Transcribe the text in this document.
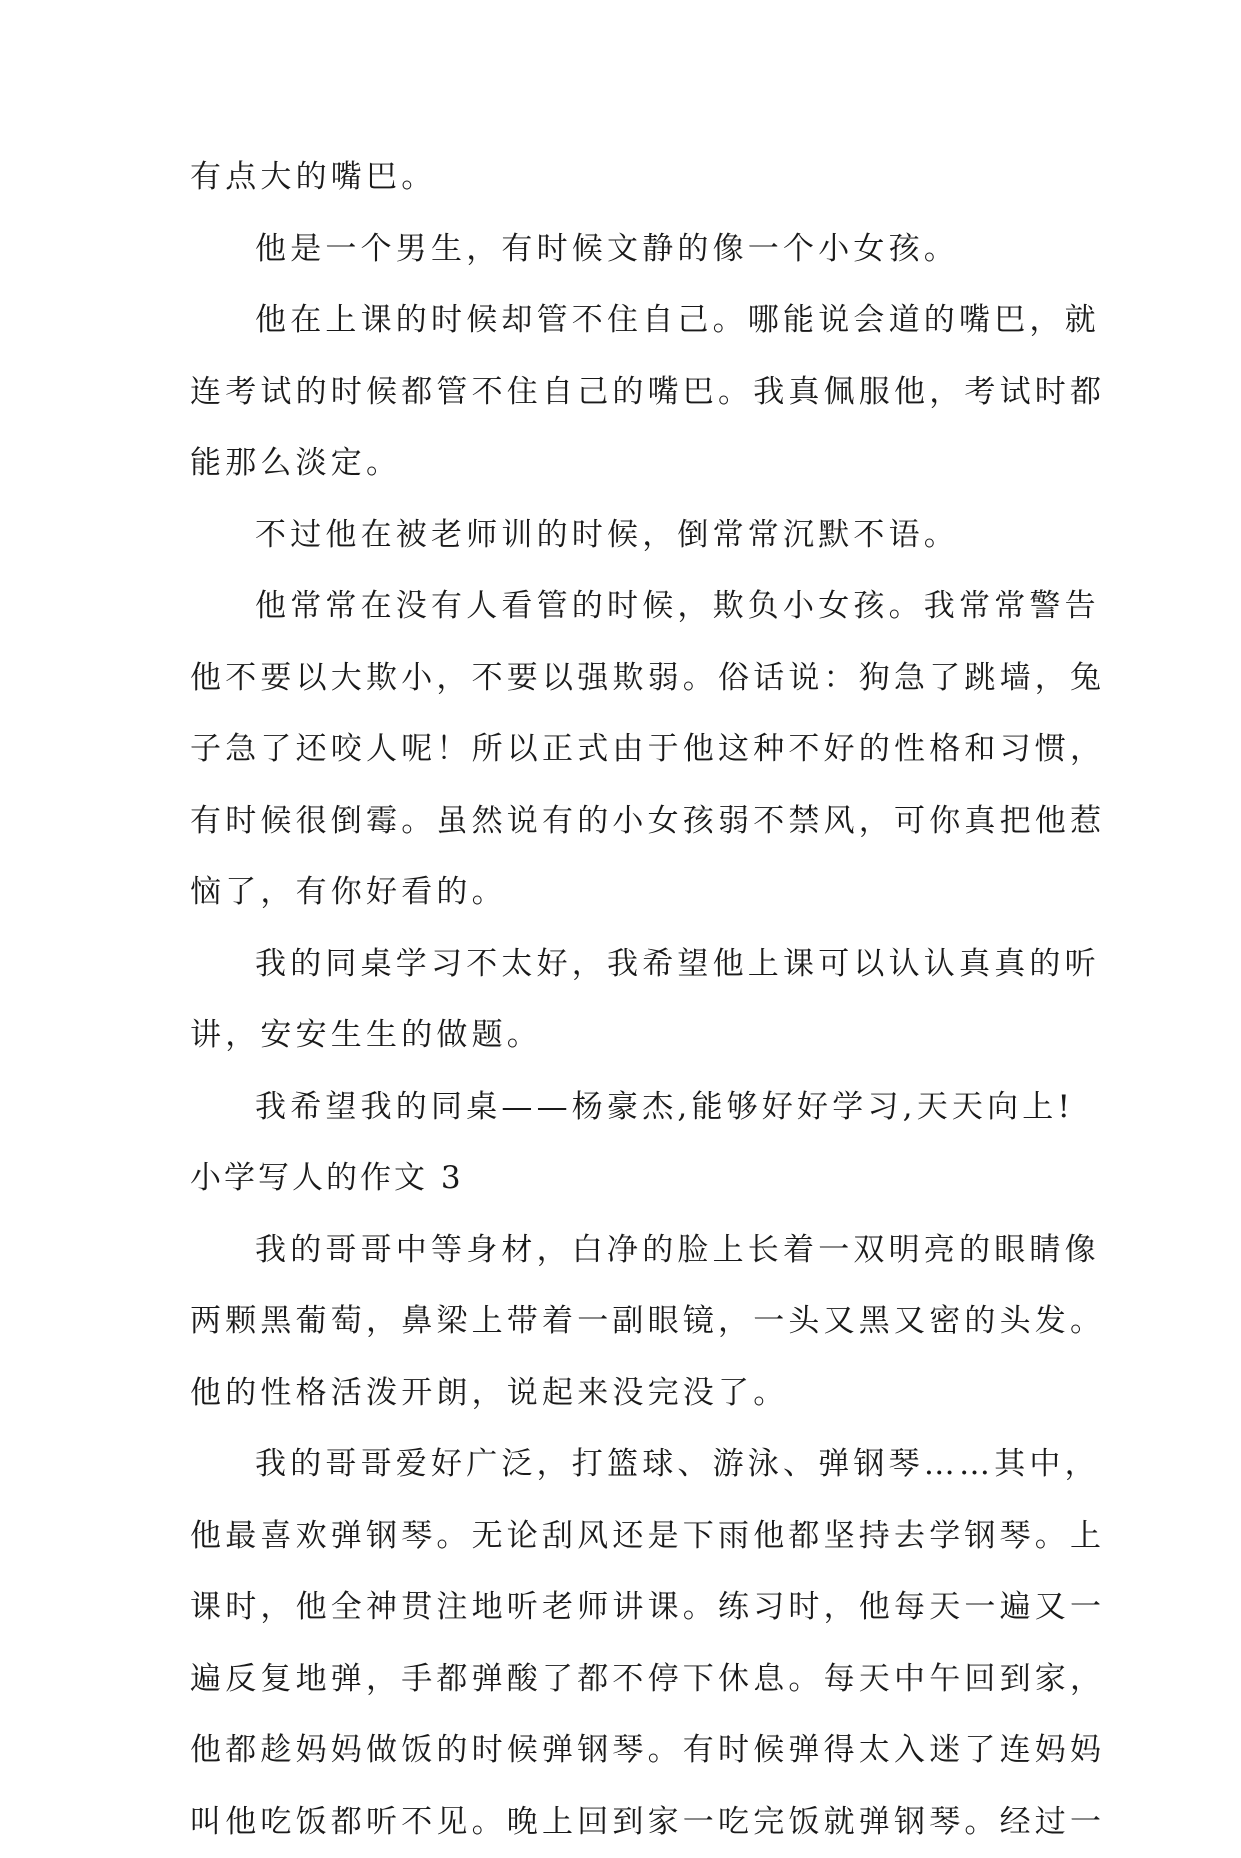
有点大的嘴巴。
他是一个男生，有时候文静的像一个小女孩。
他在上课的时候却管不住自己。哪能说会道的嘴巴，就
连考试的时候都管不住自己的嘴巴。我真佩服他，考试时都
能那么淡定。
不过他在被老师训的时候，倒常常沉默不语。
他常常在没有人看管的时候，欺负小女孩。我常常警告
他不要以大欺小，不要以强欺弱。俗话说：狗急了跳墙，兔
子急了还咬人呢！所以正式由于他这种不好的性格和习惯，
有时候很倒霉。虽然说有的小女孩弱不禁风，可你真把他惹
恼了，有你好看的。
我的同桌学习不太好，我希望他上课可以认认真真的听
讲，安安生生的做题。
我希望我的同桌——杨豪杰,能够好好学习,天天向上!
小学写人的作文 3
我的哥哥中等身材，白净的脸上长着一双明亮的眼睛像
两颗黑葡萄，鼻梁上带着一副眼镜，一头又黑又密的头发。
他的性格活泼开朗，说起来没完没了。
我的哥哥爱好广泛，打篮球、游泳、弹钢琴……其中，
他最喜欢弹钢琴。无论刮风还是下雨他都坚持去学钢琴。上
课时，他全神贯注地听老师讲课。练习时，他每天一遍又一
遍反复地弹，手都弹酸了都不停下休息。每天中午回到家，
他都趁妈妈做饭的时候弹钢琴。有时候弹得太入迷了连妈妈
叫他吃饭都听不见。晚上回到家一吃完饭就弹钢琴。经过一
